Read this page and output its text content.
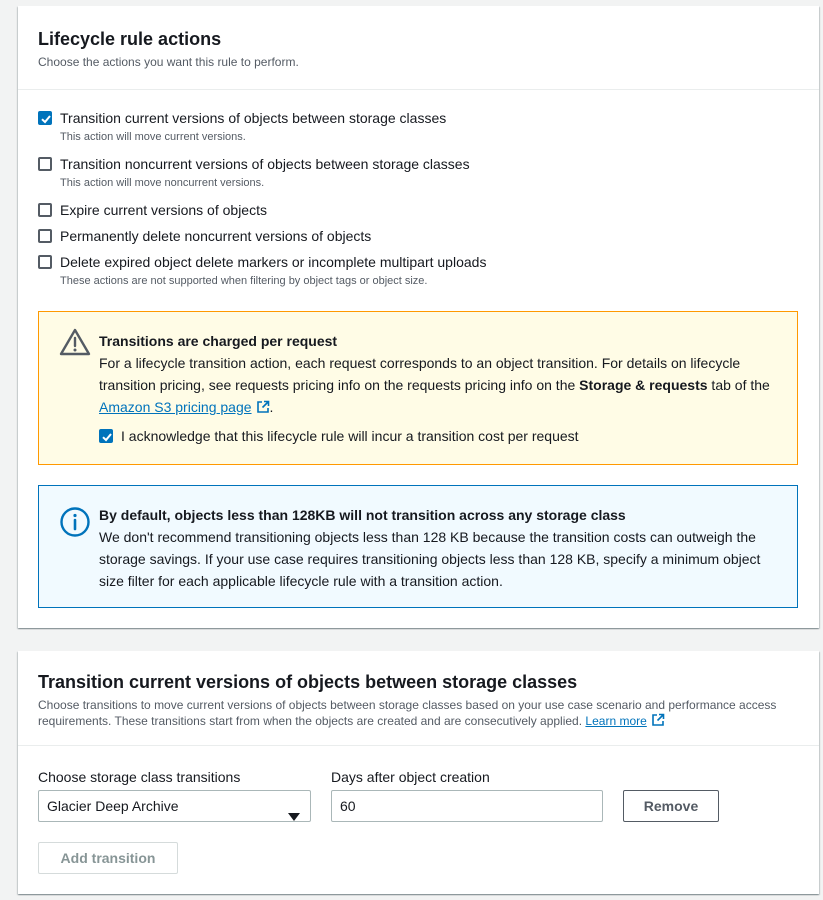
Lifecycle rule actions
Choose the actions you want this rule to perform.
Transition current versions of objects between storage classes
This action will move current versions.
Transition noncurrent versions of objects between storage classes
This action will move noncurrent versions.
Expire current versions of objects
Permanently delete noncurrent versions of objects
Delete expired object delete markers or incomplete multipart uploads
These actions are not supported when filtering by object tags or object size.
Transitions are charged per request
For a lifecycle transition action, each request corresponds to an object transition. For details on lifecycle transition pricing, see requests pricing info on the requests pricing info on the Storage & requests tab of the Amazon S3 pricing page .
I acknowledge that this lifecycle rule will incur a transition cost per request
By default, objects less than 128KB will not transition across any storage class
We don't recommend transitioning objects less than 128 KB because the transition costs can outweigh the storage savings. If your use case requires transitioning objects less than 128 KB, specify a minimum object size filter for each applicable lifecycle rule with a transition action.
Transition current versions of objects between storage classes
Choose transitions to move current versions of objects between storage classes based on your use case scenario and performance access requirements. These transitions start from when the objects are created and are consecutively applied. Learn more
Choose storage class transitions	Days after object creation
Glacier Deep Archive	60	Remove
Add transition
